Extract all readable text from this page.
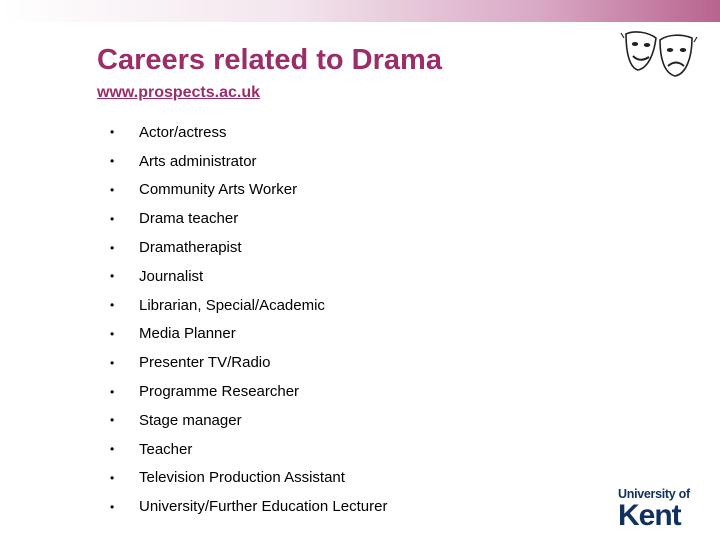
Careers related to Drama
www.prospects.ac.uk
•	Actor/actress
•	Arts administrator
•	Community Arts Worker
•	Drama teacher
•	Dramatherapist
•	Journalist
•	Librarian, Special/Academic
•	Media Planner
•	Presenter TV/Radio
•	Programme Researcher
•	Stage manager
•	Teacher
•	Television Production Assistant
•	University/Further Education Lecturer
University of
Kent
